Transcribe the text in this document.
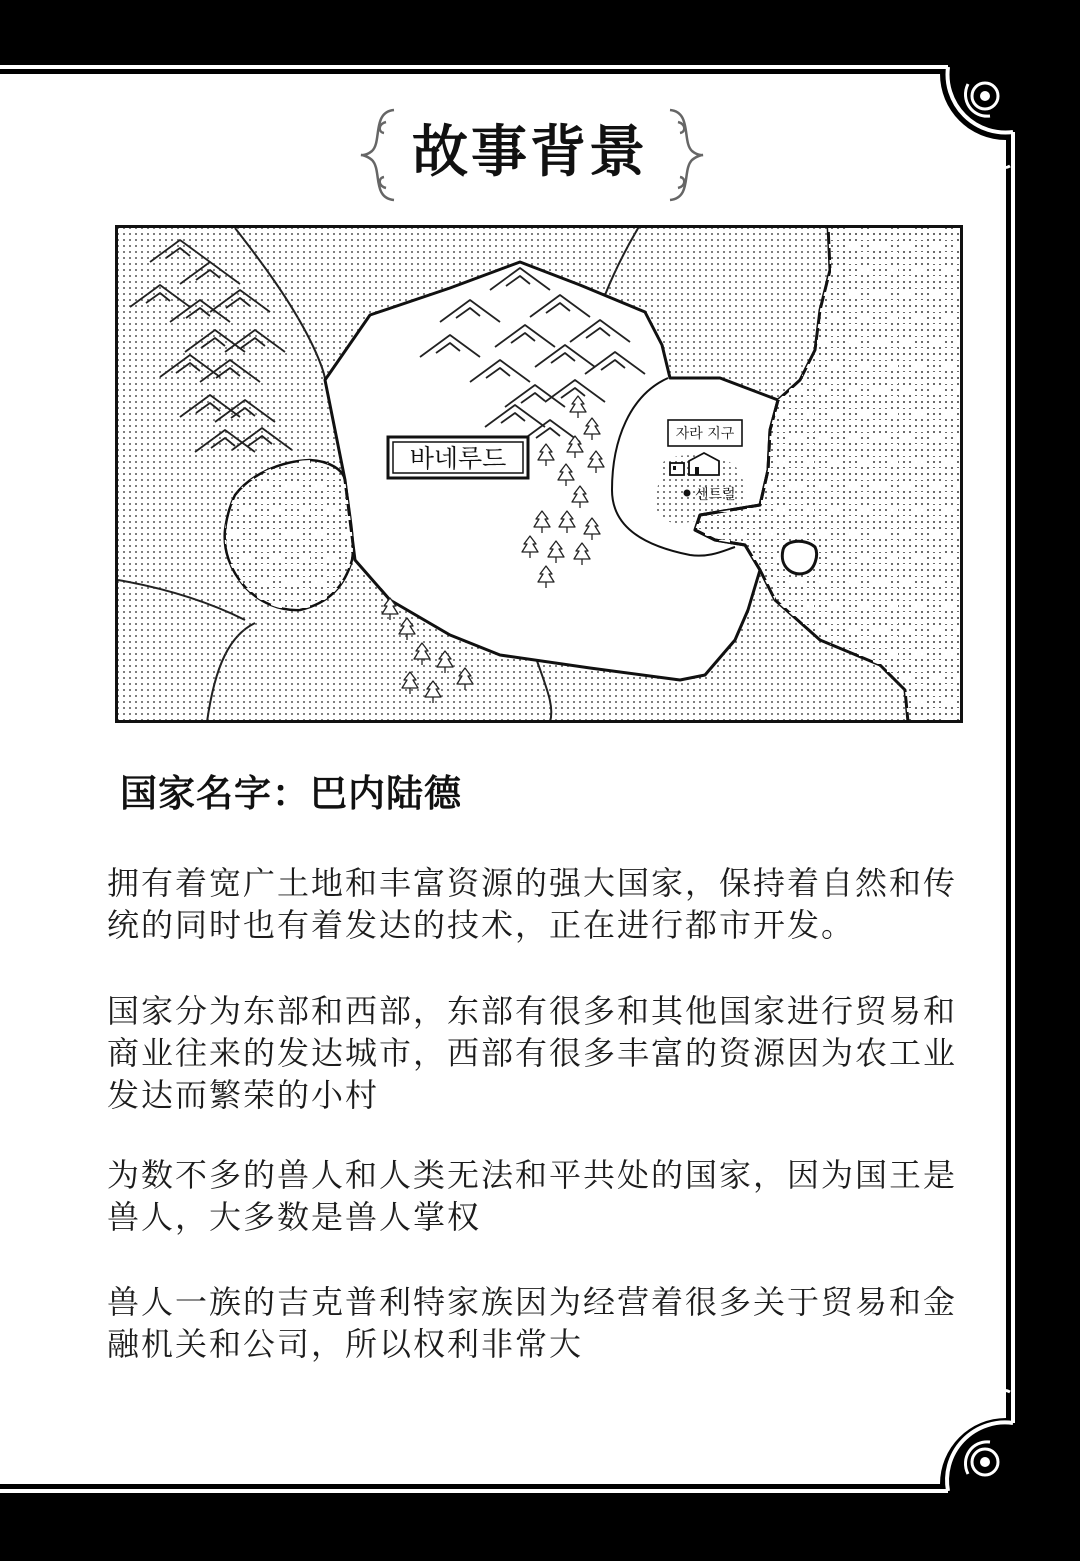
故事背景
바네루드
자라 지구
센트럴
国家名字：巴内陆德
拥有着宽广土地和丰富资源的强大国家，保持着自然和传
统的同时也有着发达的技术，正在进行都市开发。
国家分为东部和西部，东部有很多和其他国家进行贸易和
商业往来的发达城市，西部有很多丰富的资源因为农工业
发达而繁荣的小村
为数不多的兽人和人类无法和平共处的国家，因为国王是
兽人，大多数是兽人掌权
兽人一族的吉克普利特家族因为经营着很多关于贸易和金
融机关和公司，所以权利非常大
